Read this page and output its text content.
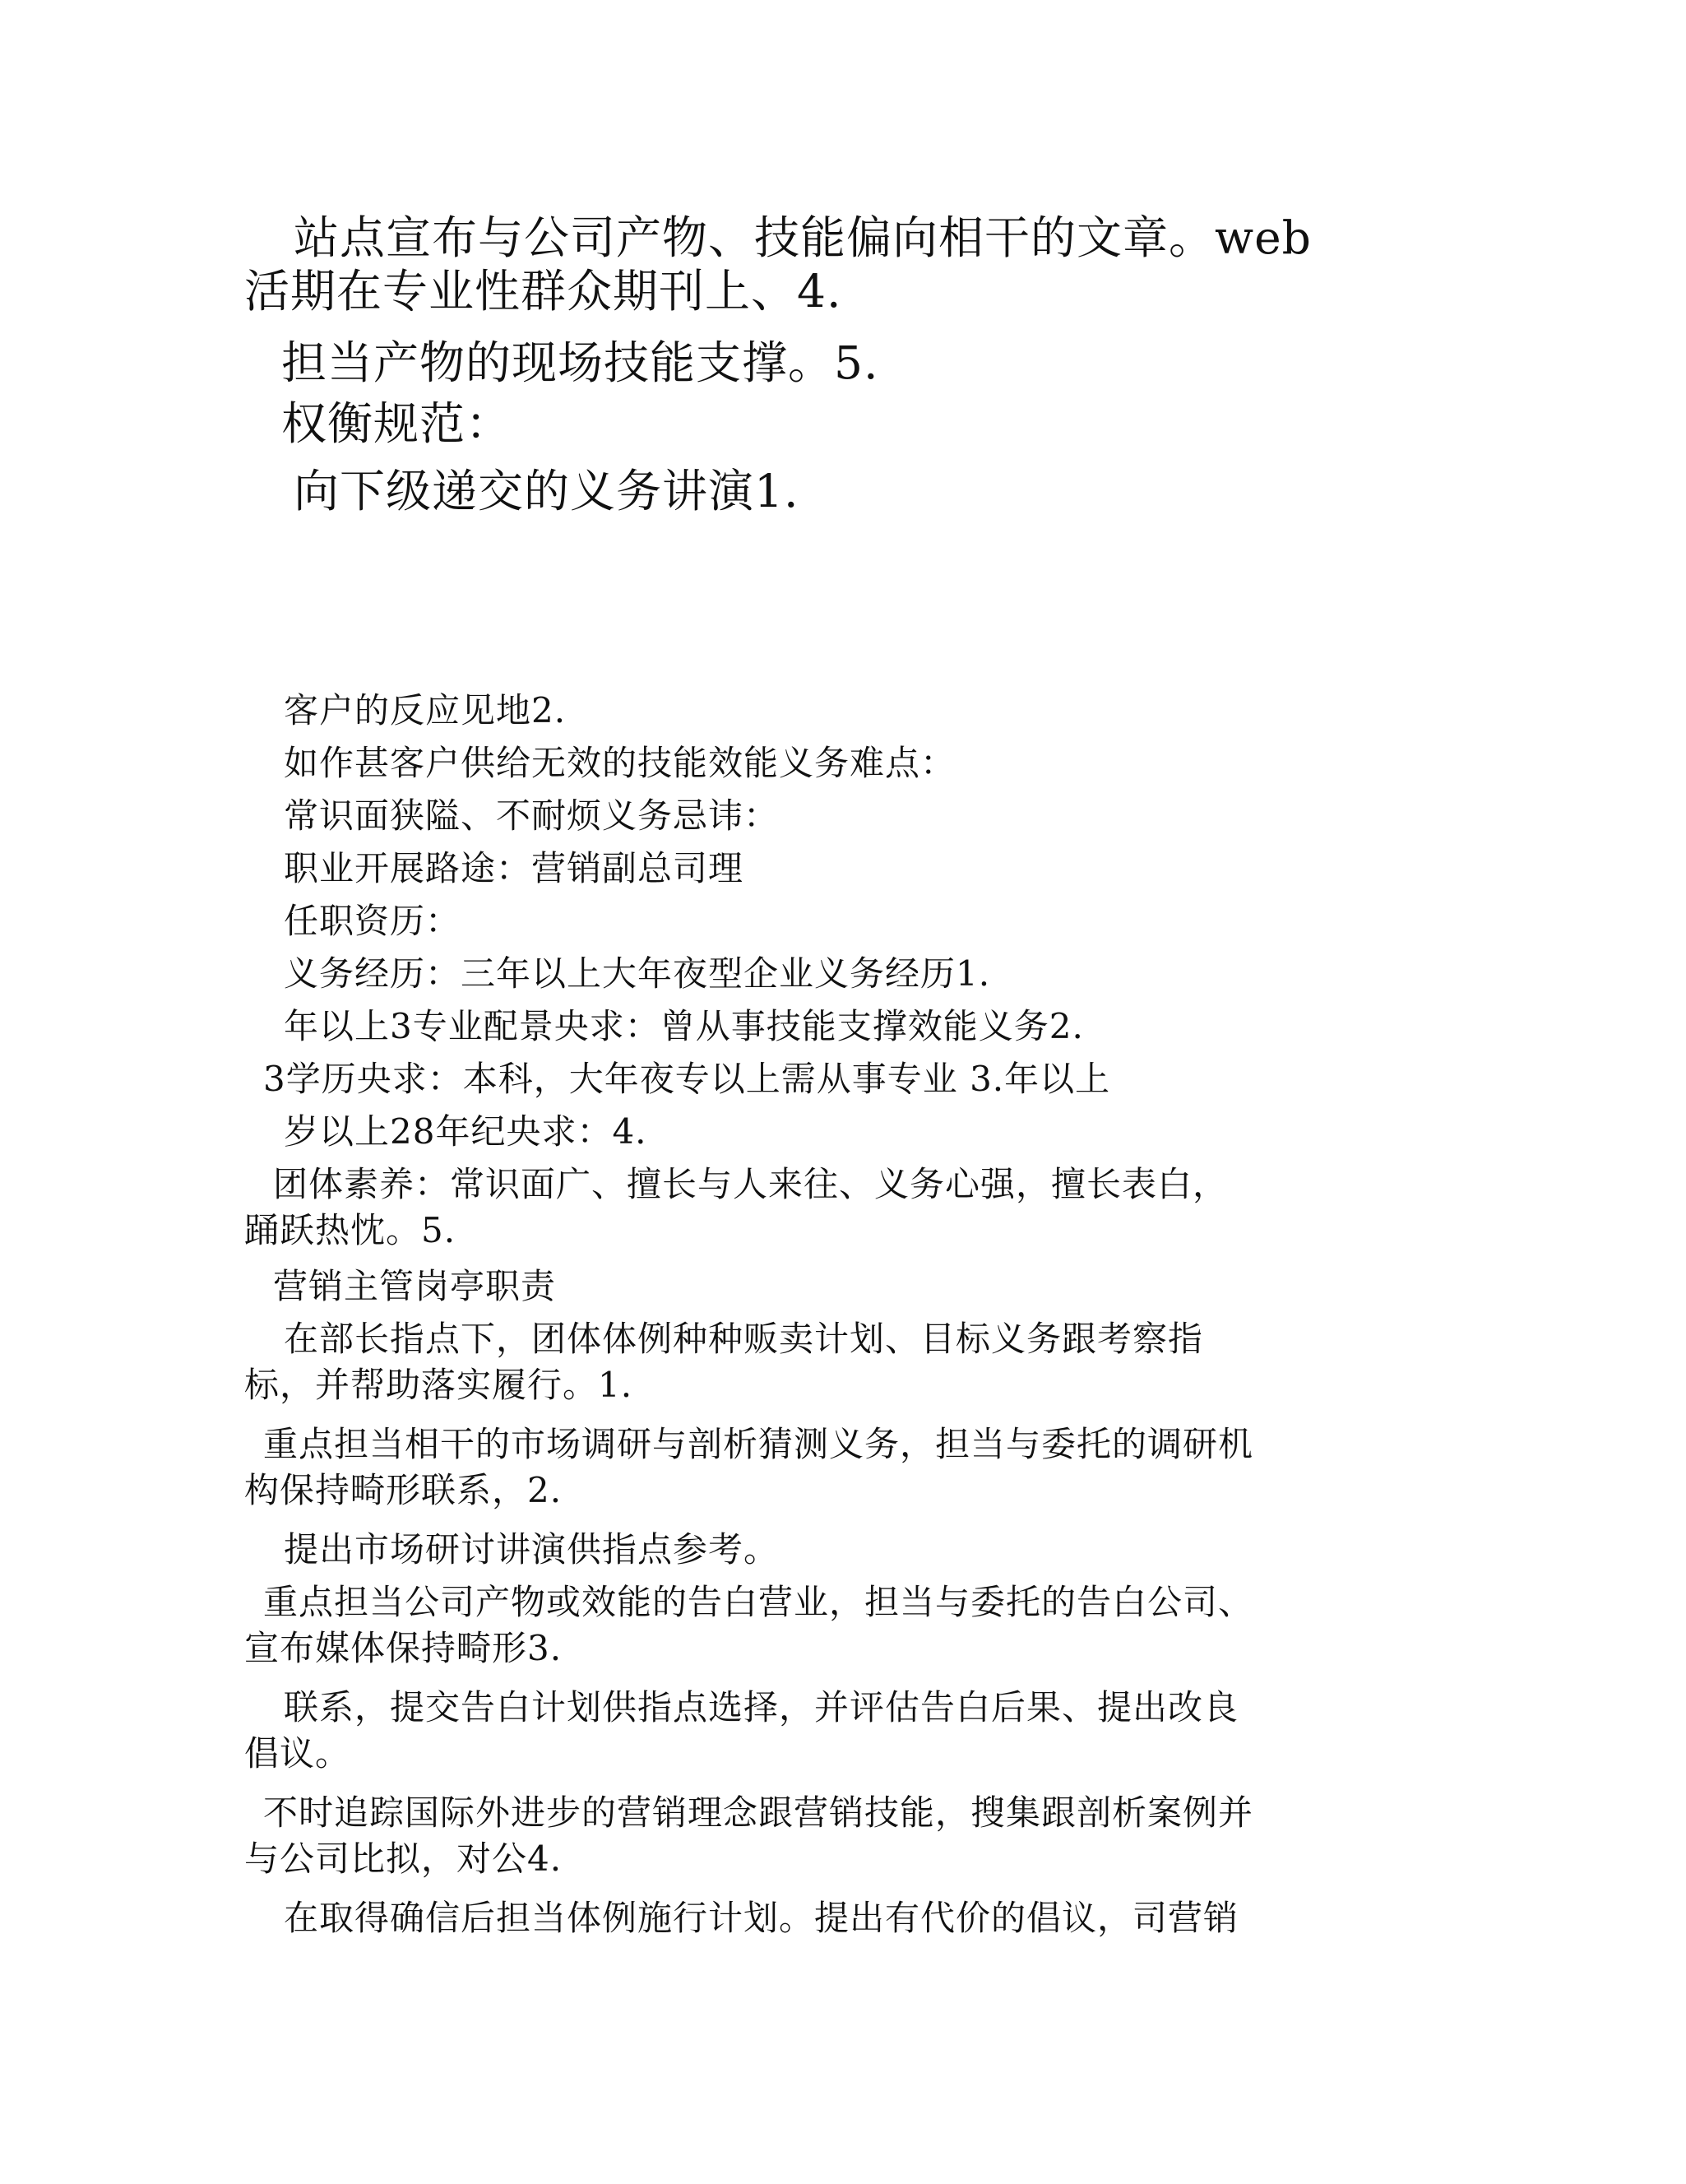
站点宣布与公司产物、技能偏向相干的文章。web
活期在专业性群众期刊上、4.
担当产物的现场技能支撑。5.
权衡规范：
向下级递交的义务讲演1.
客户的反应见地2.
如作甚客户供给无效的技能效能义务难点：
常识面狭隘、不耐烦义务忌讳：
职业开展路途：营销副总司理
任职资历：
义务经历：三年以上大年夜型企业义务经历1.
年以上3专业配景央求：曾从事技能支撑效能义务2.
3学历央求：本科，大年夜专以上需从事专业 3.年以上
岁以上28年纪央求：4.
团体素养：常识面广、擅长与人来往、义务心强，擅长表白，
踊跃热忱。5.
营销主管岗亭职责
在部长指点下，团体体例种种贩卖计划、目标义务跟考察指
标，并帮助落实履行。1.
重点担当相干的市场调研与剖析猜测义务，担当与委托的调研机
构保持畸形联系，2.
提出市场研讨讲演供指点参考。
重点担当公司产物或效能的告白营业，担当与委托的告白公司、
宣布媒体保持畸形3.
联系，提交告白计划供指点选择，并评估告白后果、提出改良
倡议。
不时追踪国际外进步的营销理念跟营销技能，搜集跟剖析案例并
与公司比拟，对公4.
在取得确信后担当体例施行计划。提出有代价的倡议，司营销
